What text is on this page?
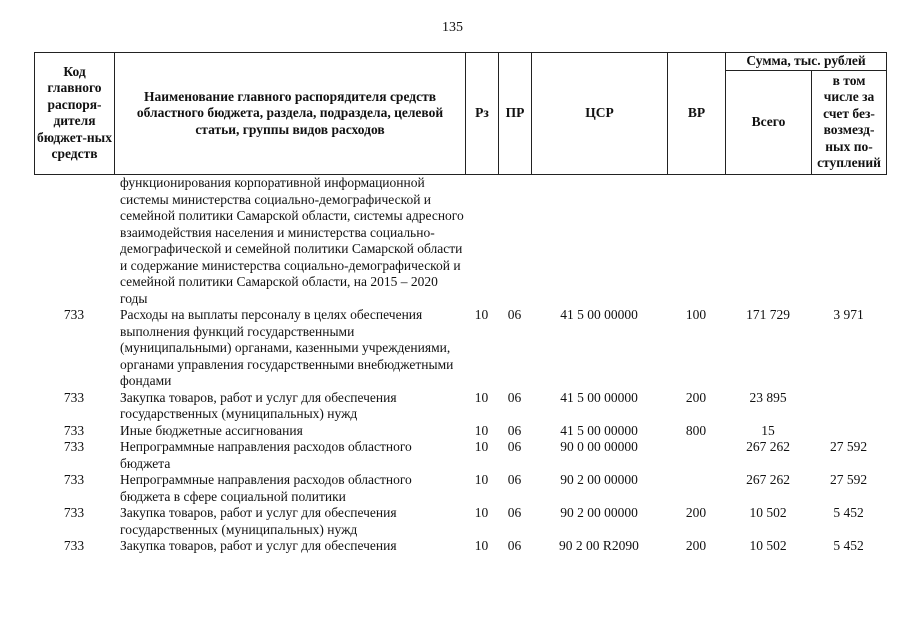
135
Код главного распоря-дителя бюджет-ных средств	Наименование главного распорядителя средств областного бюджета, раздела, подраздела, целевой статьи, группы видов расходов	Рз	ПР	ЦСР	ВР	Сумма, тыс. рублей	
						Всего	в том числе за счет без-возмезд-ных по-ступлений
	функционирования корпоративной информационной системы министерства социально-демографической и семейной политики Самарской области, системы адресного взаимодействия населения и министерства социально-демографической и семейной политики Самарской области и содержание министерства социально-демографической и семейной политики Самарской области, на 2015 – 2020 годы						
733	Расходы на выплаты персоналу в целях обеспечения выполнения функций государственными (муниципальными) органами, казенными учреждениями, органами управления государственными внебюджетными фондами	10	06	41 5 00 00000	100	171 729	3 971
733	Закупка товаров, работ и услуг для обеспечения государственных (муниципальных) нужд	10	06	41 5 00 00000	200	23 895	
733	Иные бюджетные ассигнования	10	06	41 5 00 00000	800	15	
733	Непрограммные направления расходов областного бюджета	10	06	90 0 00 00000		267 262	27 592
733	Непрограммные направления расходов областного бюджета в сфере социальной политики	10	06	90 2 00 00000		267 262	27 592
733	Закупка товаров, работ и услуг для обеспечения государственных (муниципальных) нужд	10	06	90 2 00 00000	200	10 502	5 452
733	Закупка товаров, работ и услуг для обеспечения	10	06	90 2 00 R2090	200	10 502	5 452
